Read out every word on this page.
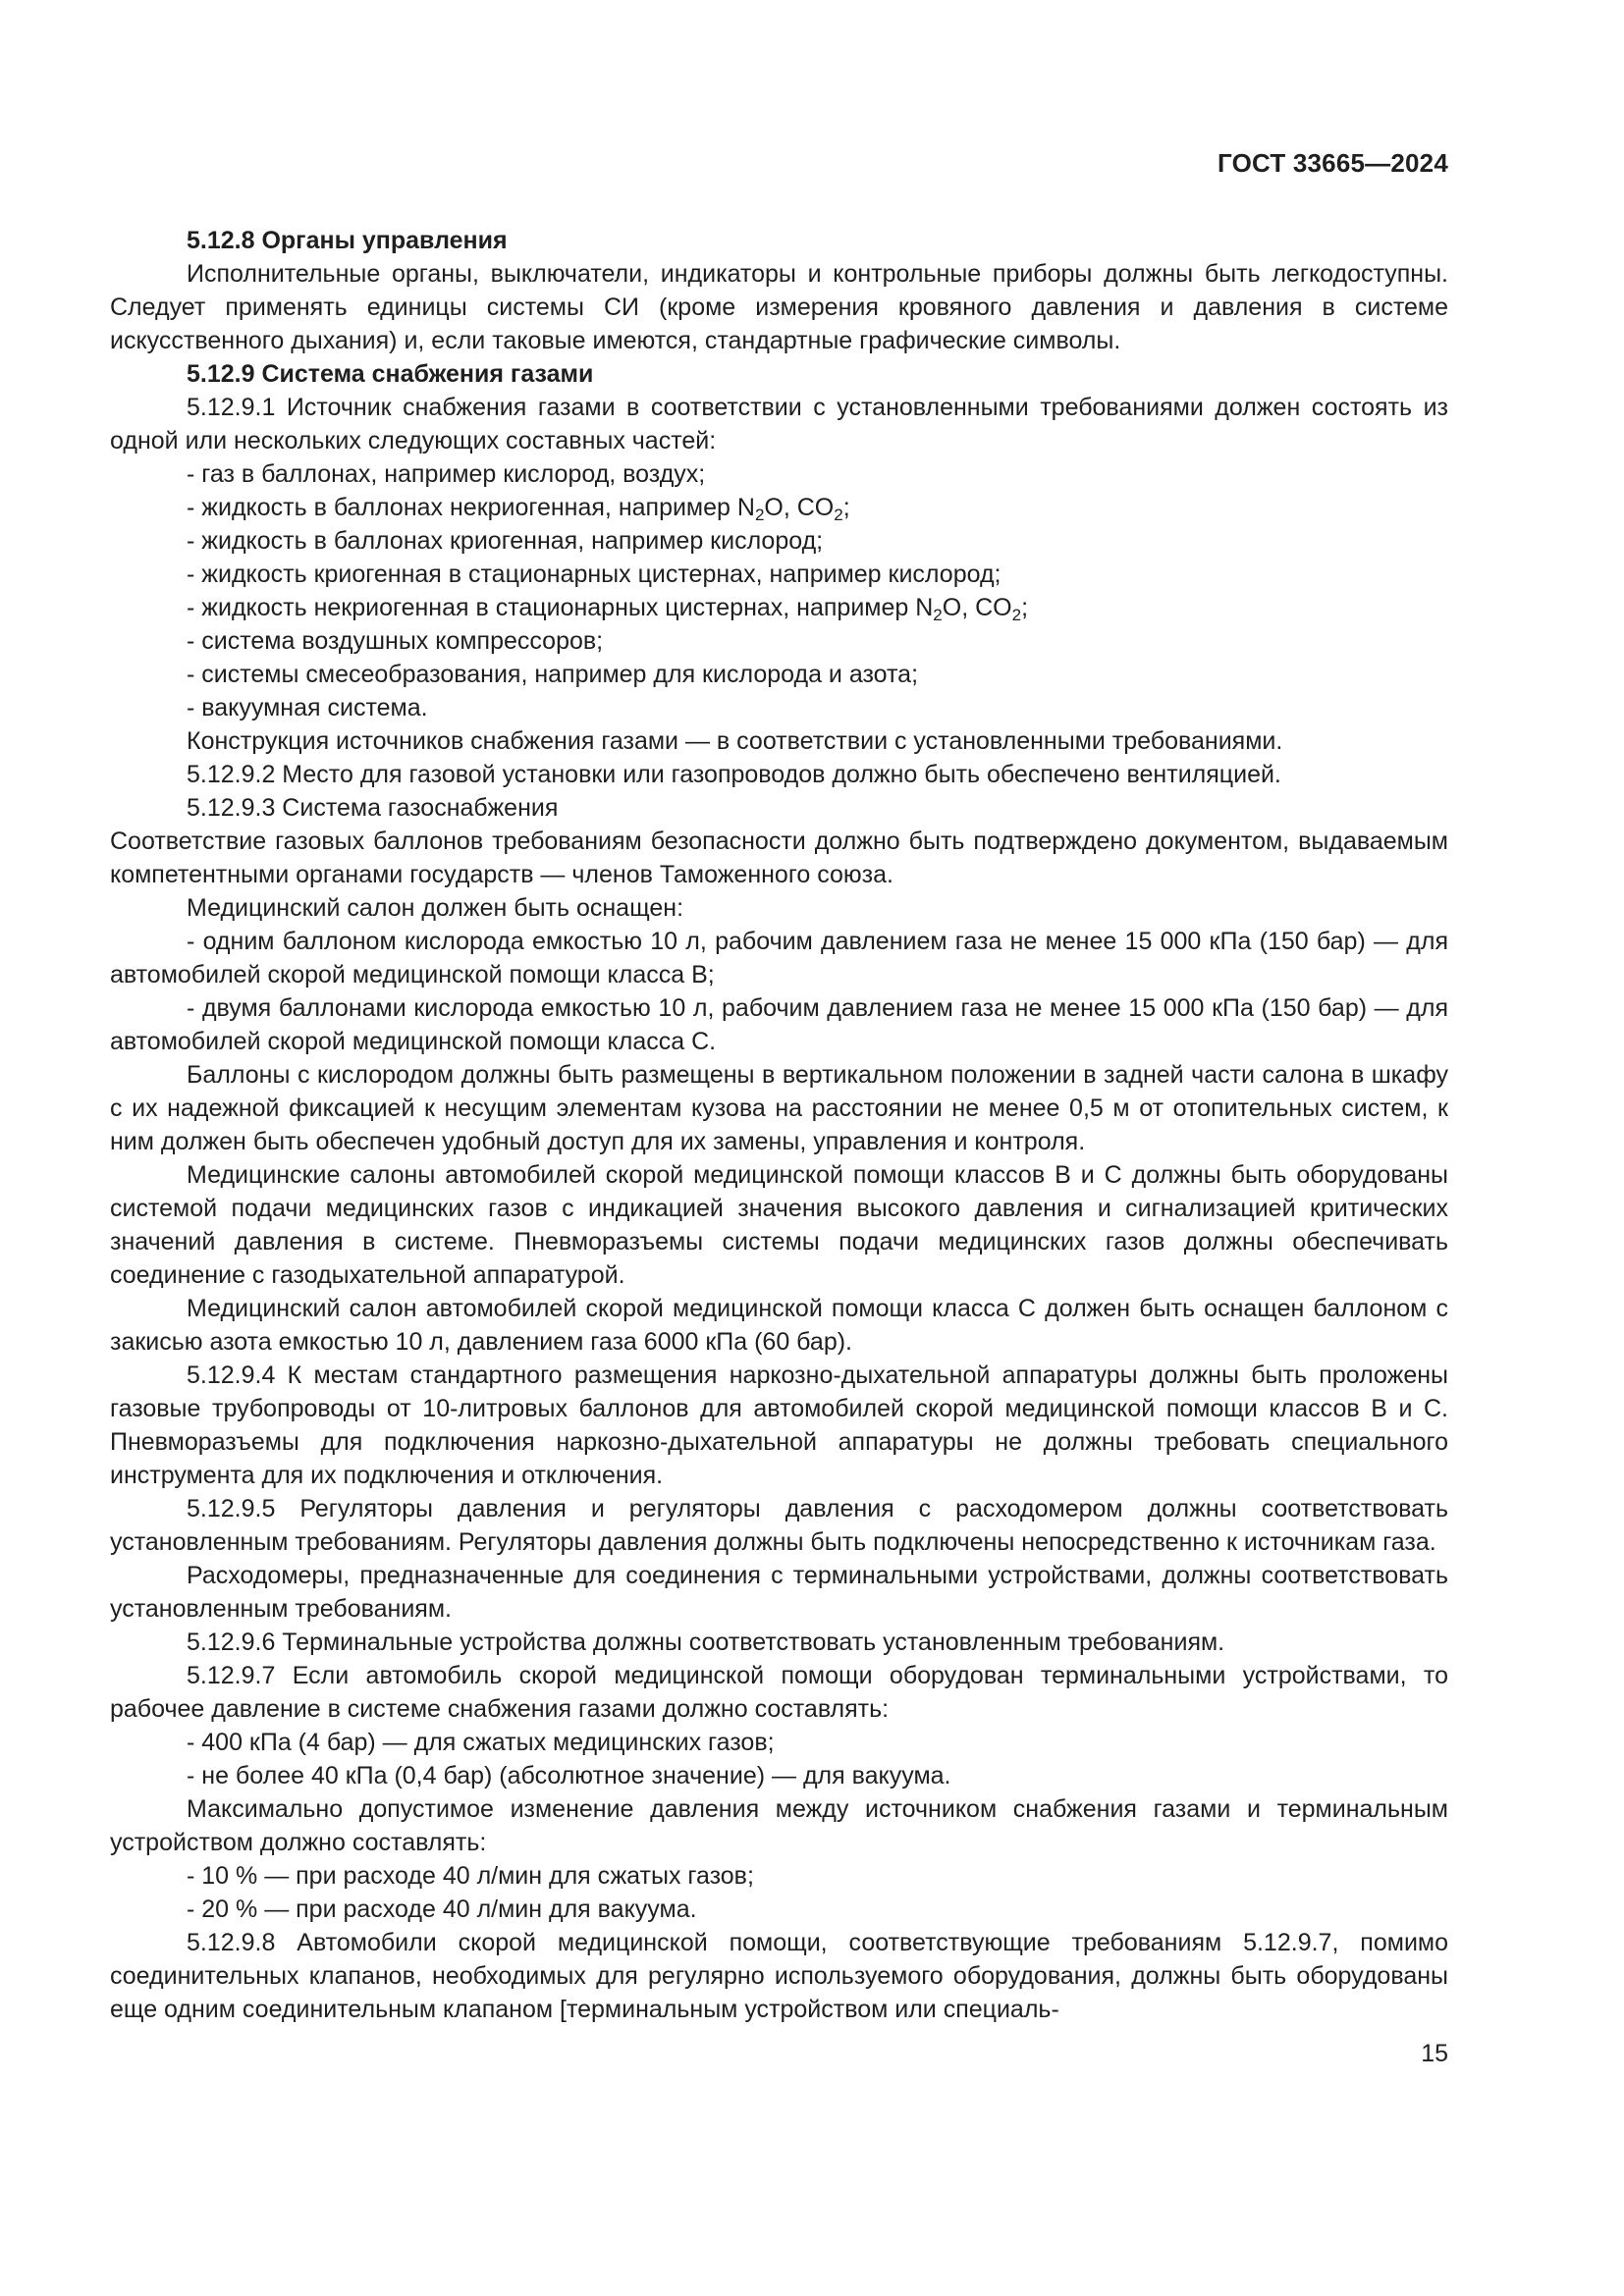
ГОСТ 33665—2024

5.12.8 Органы управления

Исполнительные органы, выключатели, индикаторы и контрольные приборы должны быть легкодоступны. Следует применять единицы системы СИ (кроме измерения кровяного давления и давления в системе искусственного дыхания) и, если таковые имеются, стандартные графические символы.

5.12.9 Система снабжения газами

5.12.9.1 Источник снабжения газами в соответствии с установленными требованиями должен состоять из одной или нескольких следующих составных частей:

- газ в баллонах, например кислород, воздух;

- жидкость в баллонах некриогенная, например $N_2O$, $CO_2$;

- жидкость в баллонах криогенная, например кислород;

- жидкость криогенная в стационарных цистернах, например кислород;

- жидкость некриогенная в стационарных цистернах, например $N_2O$, $CO_2$;

- система воздушных компрессоров;

- системы смесеобразования, например для кислорода и азота;

- вакуумная система.

Конструкция источников снабжения газами — в соответствии с установленными требованиями.

5.12.9.2 Место для газовой установки или газопроводов должно быть обеспечено вентиляцией.

5.12.9.3 Система газоснабжения

Соответствие газовых баллонов требованиям безопасности должно быть подтверждено документом, выдаваемым компетентными органами государств — членов Таможенного союза.

Медицинский салон должен быть оснащен:

- одним баллоном кислорода емкостью 10 л, рабочим давлением газа не менее 15 000 кПа (150 бар) — для автомобилей скорой медицинской помощи класса В;

- двумя баллонами кислорода емкостью 10 л, рабочим давлением газа не менее 15 000 кПа (150 бар) — для автомобилей скорой медицинской помощи класса С.

Баллоны с кислородом должны быть размещены в вертикальном положении в задней части салона в шкафу с их надежной фиксацией к несущим элементам кузова на расстоянии не менее 0,5 м от отопительных систем, к ним должен быть обеспечен удобный доступ для их замены, управления и контроля.

Медицинские салоны автомобилей скорой медицинской помощи классов В и С должны быть оборудованы системой подачи медицинских газов с индикацией значения высокого давления и сигнализацией критических значений давления в системе. Пневморазъемы системы подачи медицинских газов должны обеспечивать соединение с газодыхательной аппаратурой.

Медицинский салон автомобилей скорой медицинской помощи класса С должен быть оснащен баллоном с закисью азота емкостью 10 л, давлением газа 6000 кПа (60 бар).

5.12.9.4 К местам стандартного размещения наркозно-дыхательной аппаратуры должны быть проложены газовые трубопроводы от 10-литровых баллонов для автомобилей скорой медицинской помощи классов В и С. Пневморазъемы для подключения наркозно-дыхательной аппаратуры не должны требовать специального инструмента для их подключения и отключения.

5.12.9.5 Регуляторы давления и регуляторы давления с расходомером должны соответствовать установленным требованиям. Регуляторы давления должны быть подключены непосредственно к источникам газа.

Расходомеры, предназначенные для соединения с терминальными устройствами, должны соответствовать установленным требованиям.

5.12.9.6 Терминальные устройства должны соответствовать установленным требованиям.

5.12.9.7 Если автомобиль скорой медицинской помощи оборудован терминальными устройствами, то рабочее давление в системе снабжения газами должно составлять:

- 400 кПа (4 бар) — для сжатых медицинских газов;

- не более 40 кПа (0,4 бар) (абсолютное значение) — для вакуума.

Максимально допустимое изменение давления между источником снабжения газами и терминальным устройством должно составлять:

- 10 % — при расходе 40 л/мин для сжатых газов;

- 20 % — при расходе 40 л/мин для вакуума.

5.12.9.8 Автомобили скорой медицинской помощи, соответствующие требованиям 5.12.9.7, помимо соединительных клапанов, необходимых для регулярно используемого оборудования, должны быть оборудованы еще одним соединительным клапаном [терминальным устройством или специаль-

15
